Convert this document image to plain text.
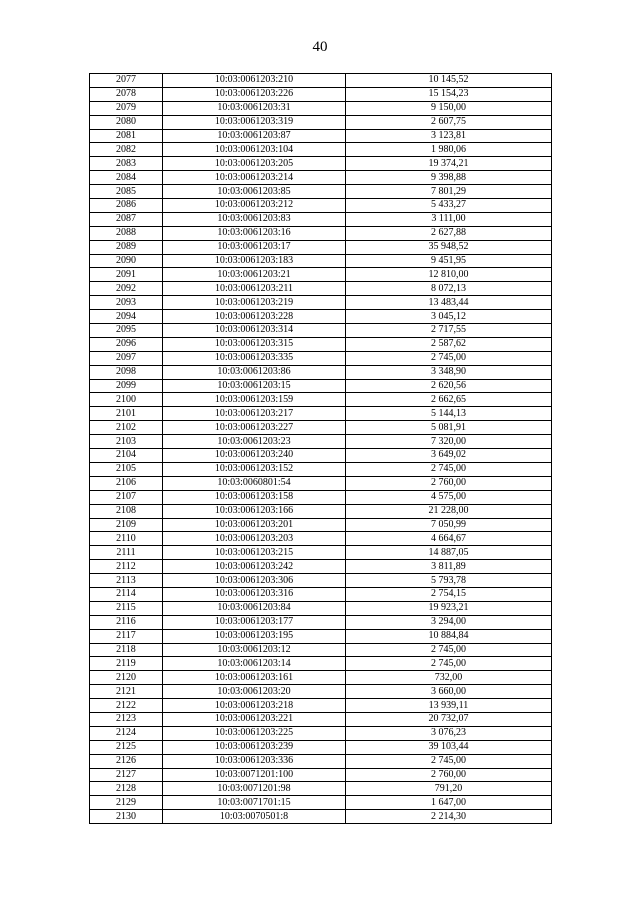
40
2077	10:03:0061203:210	10 145,52
2078	10:03:0061203:226	15 154,23
2079	10:03:0061203:31	9 150,00
2080	10:03:0061203:319	2 607,75
2081	10:03:0061203:87	3 123,81
2082	10:03:0061203:104	1 980,06
2083	10:03:0061203:205	19 374,21
2084	10:03:0061203:214	9 398,88
2085	10:03:0061203:85	7 801,29
2086	10:03:0061203:212	5 433,27
2087	10:03:0061203:83	3 111,00
2088	10:03:0061203:16	2 627,88
2089	10:03:0061203:17	35 948,52
2090	10:03:0061203:183	9 451,95
2091	10:03:0061203:21	12 810,00
2092	10:03:0061203:211	8 072,13
2093	10:03:0061203:219	13 483,44
2094	10:03:0061203:228	3 045,12
2095	10:03:0061203:314	2 717,55
2096	10:03:0061203:315	2 587,62
2097	10:03:0061203:335	2 745,00
2098	10:03:0061203:86	3 348,90
2099	10:03:0061203:15	2 620,56
2100	10:03:0061203:159	2 662,65
2101	10:03:0061203:217	5 144,13
2102	10:03:0061203:227	5 081,91
2103	10:03:0061203:23	7 320,00
2104	10:03:0061203:240	3 649,02
2105	10:03:0061203:152	2 745,00
2106	10:03:0060801:54	2 760,00
2107	10:03:0061203:158	4 575,00
2108	10:03:0061203:166	21 228,00
2109	10:03:0061203:201	7 050,99
2110	10:03:0061203:203	4 664,67
2111	10:03:0061203:215	14 887,05
2112	10:03:0061203:242	3 811,89
2113	10:03:0061203:306	5 793,78
2114	10:03:0061203:316	2 754,15
2115	10:03:0061203:84	19 923,21
2116	10:03:0061203:177	3 294,00
2117	10:03:0061203:195	10 884,84
2118	10:03:0061203:12	2 745,00
2119	10:03:0061203:14	2 745,00
2120	10:03:0061203:161	732,00
2121	10:03:0061203:20	3 660,00
2122	10:03:0061203:218	13 939,11
2123	10:03:0061203:221	20 732,07
2124	10:03:0061203:225	3 076,23
2125	10:03:0061203:239	39 103,44
2126	10:03:0061203:336	2 745,00
2127	10:03:0071201:100	2 760,00
2128	10:03:0071201:98	791,20
2129	10:03:0071701:15	1 647,00
2130	10:03:0070501:8	2 214,30
